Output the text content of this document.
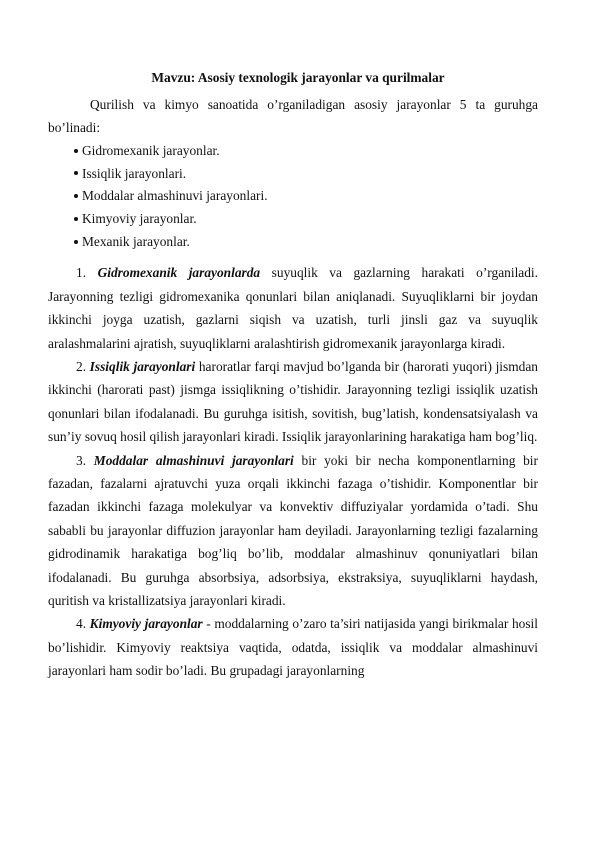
Mavzu: Asosiy texnologik jarayonlar va qurilmalar

Qurilish va kimyo sanoatida o’rganiladigan asosiy jarayonlar 5 ta guruhga bo’linadi:

Gidromexanik jarayonlar.
Issiqlik jarayonlari.
Moddalar almashinuvi jarayonlari.
Kimyoviy jarayonlar.
Mexanik jarayonlar.

1. Gidromexanik jarayonlarda suyuqlik va gazlarning harakati o’rganiladi. Jarayonning tezligi gidromexanika qonunlari bilan aniqlanadi. Suyuqliklarni bir joydan ikkinchi joyga uzatish, gazlarni siqish va uzatish, turli jinsli gaz va suyuqlik aralashmalarini ajratish, suyuqliklarni aralashtirish gidromexanik jarayonlarga kiradi.

2. Issiqlik jarayonlari haroratlar farqi mavjud bo’lganda bir (harorati yuqori) jismdan ikkinchi (harorati past) jismga issiqlikning o’tishidir. Jarayonning tezligi issiqlik uzatish qonunlari bilan ifodalanadi. Bu guruhga isitish, sovitish, bug’latish, kondensatsiyalash va sun’iy sovuq hosil qilish jarayonlari kiradi. Issiqlik jarayonlarining harakatiga ham bog’liq.

3. Moddalar almashinuvi jarayonlari bir yoki bir necha komponentlarning bir fazadan, fazalarni ajratuvchi yuza orqali ikkinchi fazaga o’tishidir. Komponentlar bir fazadan ikkinchi fazaga molekulyar va konvektiv diffuziyalar yordamida o’tadi. Shu sababli bu jarayonlar diffuzion jarayonlar ham deyiladi. Jarayonlarning tezligi fazalarning gidrodinamik harakatiga bog’liq bo’lib, moddalar almashinuv qonuniyatlari bilan ifodalanadi. Bu guruhga absorbsiya, adsorbsiya, ekstraksiya, suyuqliklarni haydash, quritish va kristallizatsiya jarayonlari kiradi.

4. Kimyoviy jarayonlar - moddalarning o’zaro ta’siri natijasida yangi birikmalar hosil bo’lishidir. Kimyoviy reaktsiya vaqtida, odatda, issiqlik va moddalar almashinuvi jarayonlari ham sodir bo’ladi. Bu grupadagi jarayonlarning
